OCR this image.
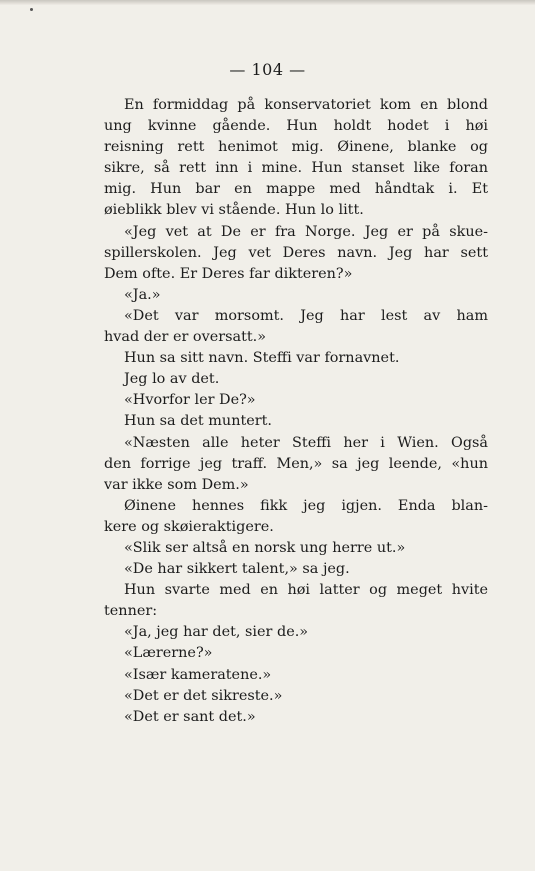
— 104 —
En formiddag på konservatoriet kom en blond
ung kvinne gående. Hun holdt hodet i høi
reisning rett henimot mig. Øinene, blanke og
sikre, så rett inn i mine. Hun stanset like foran
mig. Hun bar en mappe med håndtak i. Et
øieblikk blev vi stående. Hun lo litt.
«Jeg vet at De er fra Norge. Jeg er på skue-
spillerskolen. Jeg vet Deres navn. Jeg har sett
Dem ofte. Er Deres far dikteren?»
«Ja.»
«Det var morsomt. Jeg har lest av ham
hvad der er oversatt.»
Hun sa sitt navn. Steffi var fornavnet.
Jeg lo av det.
«Hvorfor ler De?»
Hun sa det muntert.
«Næsten alle heter Steffi her i Wien. Også
den forrige jeg traff. Men,» sa jeg leende, «hun
var ikke som Dem.»
Øinene hennes fikk jeg igjen. Enda blan-
kere og skøieraktigere.
«Slik ser altså en norsk ung herre ut.»
«De har sikkert talent,» sa jeg.
Hun svarte med en høi latter og meget hvite
tenner:
«Ja, jeg har det, sier de.»
«Lærerne?»
«Især kameratene.»
«Det er det sikreste.»
«Det er sant det.»
